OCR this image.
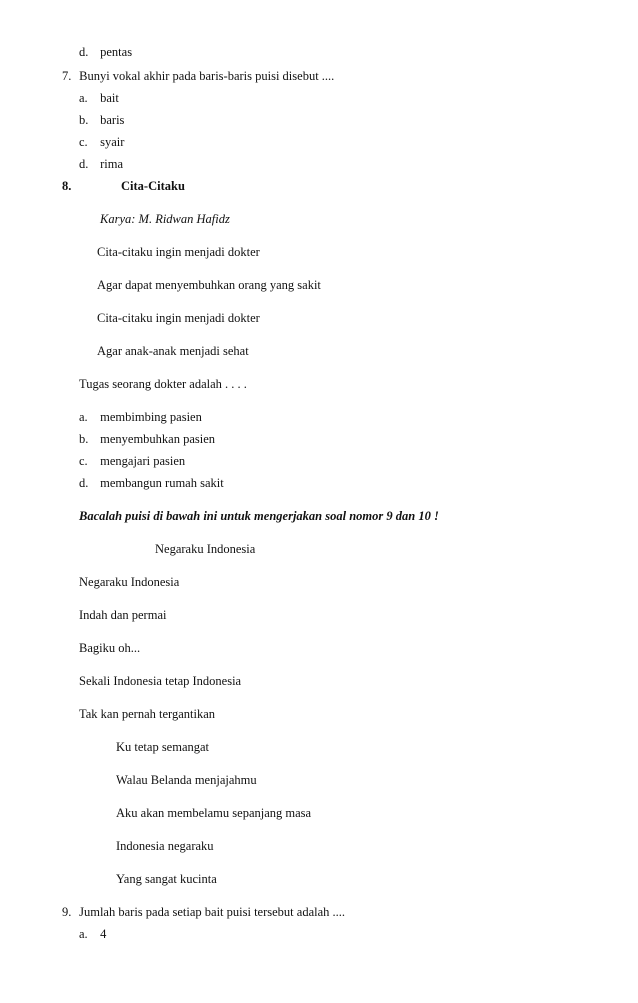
d. pentas
7. Bunyi vokal akhir pada baris-baris puisi disebut ....
a. bait
b. baris
c. syair
d. rima
8.	Cita-Citaku
Karya: M. Ridwan Hafidz
Cita-citaku ingin menjadi dokter
Agar dapat menyembuhkan orang yang sakit
Cita-citaku ingin menjadi dokter
Agar anak-anak menjadi sehat
Tugas seorang dokter adalah . . . .
a. membimbing pasien
b. menyembuhkan pasien
c. mengajari pasien
d. membangun rumah sakit
Bacalah puisi di bawah ini untuk mengerjakan soal nomor 9 dan 10 !
Negaraku Indonesia
Negaraku Indonesia
Indah dan permai
Bagiku oh...
Sekali Indonesia tetap Indonesia
Tak kan pernah tergantikan
Ku tetap semangat
Walau Belanda menjajahmu
Aku akan membelamu sepanjang masa
Indonesia negaraku
Yang sangat kucinta
9. Jumlah baris pada setiap bait puisi tersebut adalah ....
a. 4
